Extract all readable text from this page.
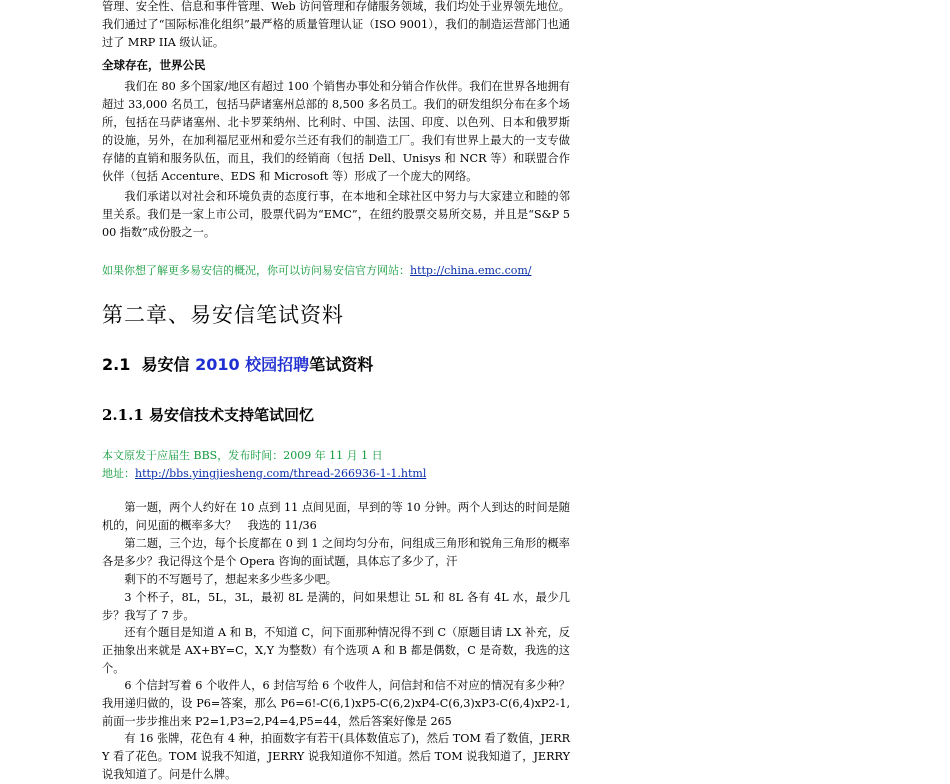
管理、安全性、信息和事件管理、Web 访问管理和存储服务领域，我们均处于业界领先地位。我们通过了“国际标准化组织”最严格的质量管理认证（ISO 9001），我们的制造运营部门也通过了 MRP IIA 级认证。

全球存在，世界公民

我们在 80 多个国家/地区有超过 100 个销售办事处和分销合作伙伴。我们在世界各地拥有超过 33,000 名员工，包括马萨诸塞州总部的 8,500 多名员工。我们的研发组织分布在多个场所，包括在马萨诸塞州、北卡罗莱纳州、比利时、中国、法国、印度、以色列、日本和俄罗斯的设施，另外，在加利福尼亚州和爱尔兰还有我们的制造工厂。我们有世界上最大的一支专做存储的直销和服务队伍，而且，我们的经销商（包括 Dell、Unisys 和 NCR 等）和联盟合作伙伴（包括 Accenture、EDS 和 Microsoft 等）形成了一个庞大的网络。

我们承诺以对社会和环境负责的态度行事，在本地和全球社区中努力与大家建立和睦的邻里关系。我们是一家上市公司，股票代码为“EMC”，在纽约股票交易所交易，并且是“S&P 500 指数”成份股之一。

如果你想了解更多易安信的概况，你可以访问易安信官方网站：http://china.emc.com/

第二章、易安信笔试资料
2.1 易安信 2010 校园招聘笔试资料
2.1.1 易安信技术支持笔试回忆

本文原发于应届生 BBS，发布时间：2009 年 11 月 1 日

地址：http://bbs.yingjiesheng.com/thread-266936-1-1.html

第一题，两个人约好在 10 点到 11 点间见面，早到的等 10 分钟。两个人到达的时间是随机的，问见面的概率多大？　我选的 11/36

第二题，三个边，每个长度都在 0 到 1 之间均匀分布，问组成三角形和锐角三角形的概率各是多少？我记得这个是个 Opera 咨询的面试题，具体忘了多少了，汗

剩下的不写题号了，想起来多少些多少吧。

3 个杯子，8L，5L，3L，最初 8L 是满的，问如果想让 5L 和 8L 各有 4L 水，最少几步？我写了 7 步。

还有个题目是知道 A 和 B，不知道 C，问下面那种情况得不到 C（原题目请 LX 补充，反正抽象出来就是 AX+BY=C，X,Y 为整数）有个选项 A 和 B 都是偶数，C 是奇数，我选的这个。

6 个信封写着 6 个收件人，6 封信写给 6 个收件人，问信封和信不对应的情况有多少种？我用递归做的，设 P6=答案，那么 P6=6!-C(6,1)xP5-C(6,2)xP4-C(6,3)xP3-C(6,4)xP2-1,前面一步步推出来 P2=1,P3=2,P4=4,P5=44，然后答案好像是 265

有 16 张牌，花色有 4 种，拍面数字有若干(具体数值忘了)，然后 TOM 看了数值，JERRY 看了花色。TOM 说我不知道，JERRY 说我知道你不知道。然后 TOM 说我知道了，JERRY 说我知道了。问是什么牌。
